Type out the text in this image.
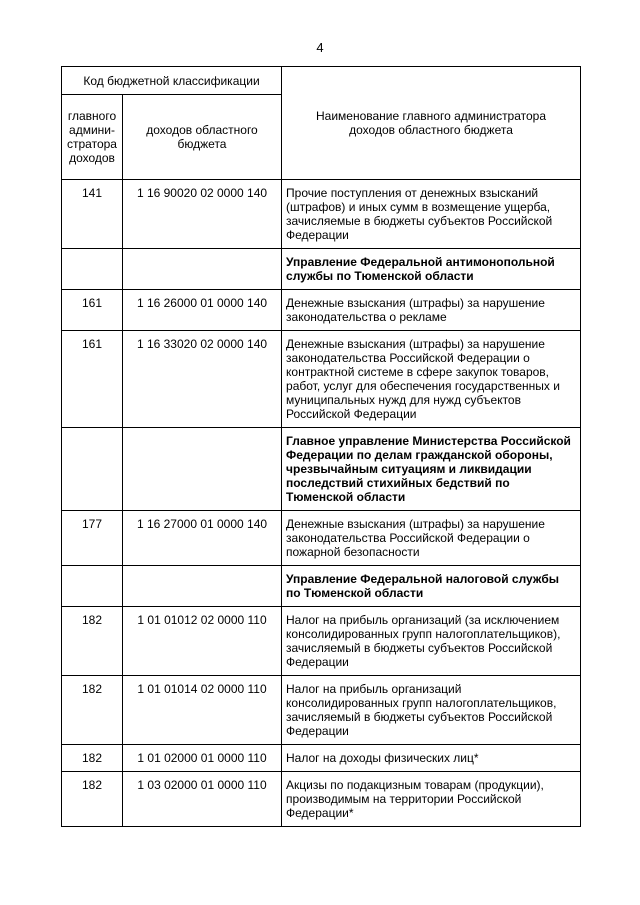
4
Код бюджетной классификации		Наименование главного администратора доходов областного бюджета
главного админи-стратора доходов	доходов областного бюджета	
141	1 16 90020 02 0000 140	Прочие поступления от денежных взысканий (штрафов) и иных сумм в возмещение ущерба, зачисляемые в бюджеты субъектов Российской Федерации
		Управление Федеральной антимонопольной службы по Тюменской области
161	1 16 26000 01 0000 140	Денежные взыскания (штрафы) за нарушение законодательства о рекламе
161	1 16 33020 02 0000 140	Денежные взыскания (штрафы) за нарушение законодательства Российской Федерации о контрактной системе в сфере закупок товаров, работ, услуг для обеспечения государственных и муниципальных нужд для нужд субъектов Российской Федерации
		Главное управление Министерства Российской Федерации по делам гражданской обороны, чрезвычайным ситуациям и ликвидации последствий стихийных бедствий по Тюменской области
177	1 16 27000 01 0000 140	Денежные взыскания (штрафы) за нарушение законодательства Российской Федерации о пожарной безопасности
		Управление Федеральной налоговой службы по Тюменской области
182	1 01 01012 02 0000 110	Налог на прибыль организаций (за исключением консолидированных групп налогоплательщиков), зачисляемый в бюджеты субъектов Российской Федерации
182	1 01 01014 02 0000 110	Налог на прибыль организаций консолидированных групп налогоплательщиков, зачисляемый в бюджеты субъектов Российской Федерации
182	1 01 02000 01 0000 110	Налог на доходы физических лиц*
182	1 03 02000 01 0000 110	Акцизы по подакцизным товарам (продукции), производимым на территории Российской Федерации*
